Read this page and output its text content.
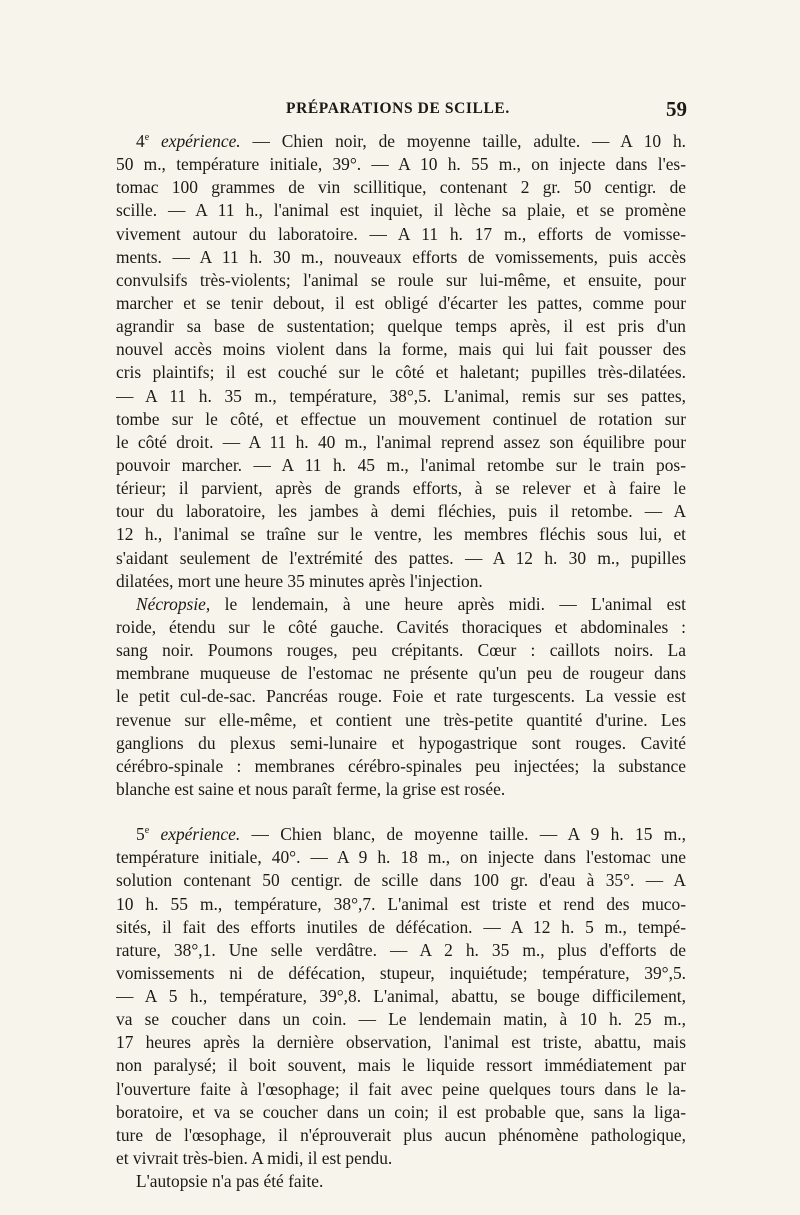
PRÉPARATIONS DE SCILLE.	59
4e expérience. — Chien noir, de moyenne taille, adulte. — A 10 h.
50 m., température initiale, 39°. — A 10 h. 55 m., on injecte dans l'es-
tomac 100 grammes de vin scillitique, contenant 2 gr. 50 centigr. de
scille. — A 11 h., l'animal est inquiet, il lèche sa plaie, et se promène
vivement autour du laboratoire. — A 11 h. 17 m., efforts de vomisse-
ments. — A 11 h. 30 m., nouveaux efforts de vomissements, puis accès
convulsifs très-violents; l'animal se roule sur lui-même, et ensuite, pour
marcher et se tenir debout, il est obligé d'écarter les pattes, comme pour
agrandir sa base de sustentation; quelque temps après, il est pris d'un
nouvel accès moins violent dans la forme, mais qui lui fait pousser des
cris plaintifs; il est couché sur le côté et haletant; pupilles très-dilatées.
— A 11 h. 35 m., température, 38°,5. L'animal, remis sur ses pattes,
tombe sur le côté, et effectue un mouvement continuel de rotation sur
le côté droit. — A 11 h. 40 m., l'animal reprend assez son équilibre pour
pouvoir marcher. — A 11 h. 45 m., l'animal retombe sur le train pos-
térieur; il parvient, après de grands efforts, à se relever et à faire le
tour du laboratoire, les jambes à demi fléchies, puis il retombe. — A
12 h., l'animal se traîne sur le ventre, les membres fléchis sous lui, et
s'aidant seulement de l'extrémité des pattes. — A 12 h. 30 m., pupilles
dilatées, mort une heure 35 minutes après l'injection.
Nécropsie, le lendemain, à une heure après midi. — L'animal est
roide, étendu sur le côté gauche. Cavités thoraciques et abdominales :
sang noir. Poumons rouges, peu crépitants. Cœur : caillots noirs. La
membrane muqueuse de l'estomac ne présente qu'un peu de rougeur dans
le petit cul-de-sac. Pancréas rouge. Foie et rate turgescents. La vessie est
revenue sur elle-même, et contient une très-petite quantité d'urine. Les
ganglions du plexus semi-lunaire et hypogastrique sont rouges. Cavité
cérébro-spinale : membranes cérébro-spinales peu injectées; la substance
blanche est saine et nous paraît ferme, la grise est rosée.
5e expérience. — Chien blanc, de moyenne taille. — A 9 h. 15 m.,
température initiale, 40°. — A 9 h. 18 m., on injecte dans l'estomac une
solution contenant 50 centigr. de scille dans 100 gr. d'eau à 35°. — A
10 h. 55 m., température, 38°,7. L'animal est triste et rend des muco-
sités, il fait des efforts inutiles de défécation. — A 12 h. 5 m., tempé-
rature, 38°,1. Une selle verdâtre. — A 2 h. 35 m., plus d'efforts de
vomissements ni de défécation, stupeur, inquiétude; température, 39°,5.
— A 5 h., température, 39°,8. L'animal, abattu, se bouge difficilement,
va se coucher dans un coin. — Le lendemain matin, à 10 h. 25 m.,
17 heures après la dernière observation, l'animal est triste, abattu, mais
non paralysé; il boit souvent, mais le liquide ressort immédiatement par
l'ouverture faite à l'œsophage; il fait avec peine quelques tours dans le la-
boratoire, et va se coucher dans un coin; il est probable que, sans la liga-
ture de l'œsophage, il n'éprouverait plus aucun phénomène pathologique,
et vivrait très-bien. A midi, il est pendu.
L'autopsie n'a pas été faite.
